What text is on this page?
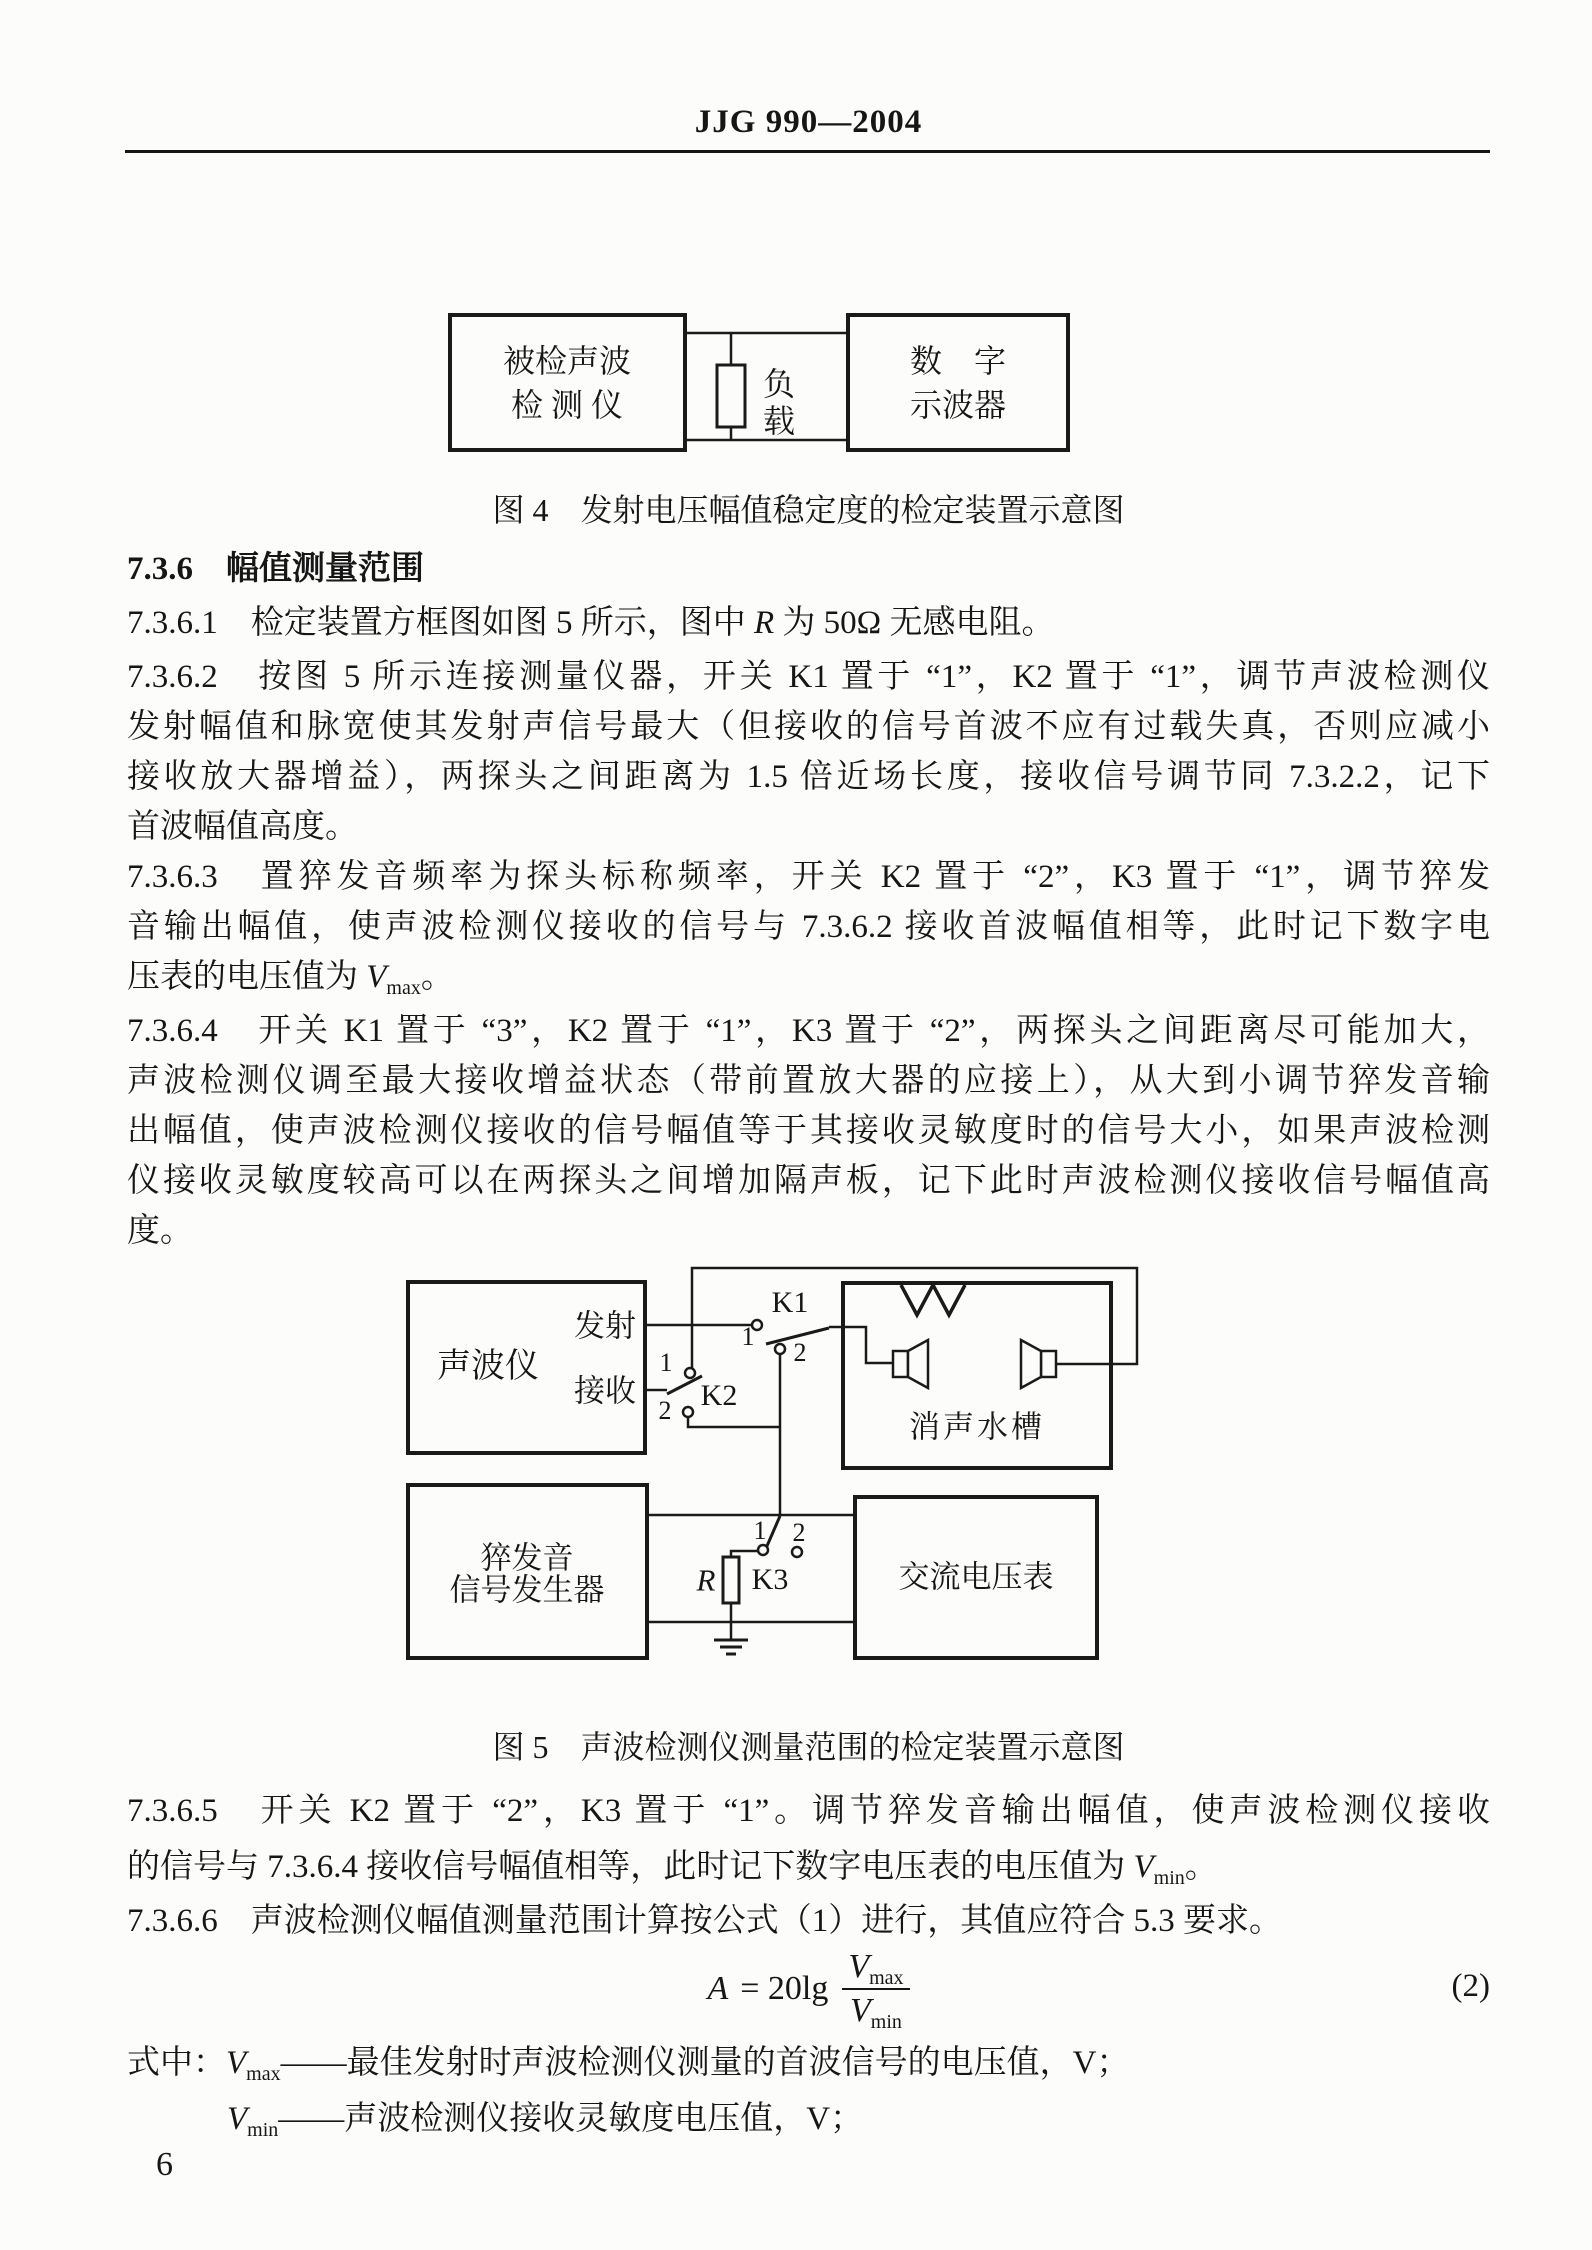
JJG 990—2004
被检声波
检 测 仪
负
载
数　字
示波器
图 4　发射电压幅值稳定度的检定装置示意图
7.3.6　幅值测量范围
7.3.6.1　检定装置方框图如图 5 所示，图中 R 为 50Ω 无感电阻。
7.3.6.2　按图 5 所示连接测量仪器，开关 K1 置于 “1”，K2 置于 “1”，调节声波检测仪
发射幅值和脉宽使其发射声信号最大（但接收的信号首波不应有过载失真，否则应减小
接收放大器增益），两探头之间距离为 1.5 倍近场长度，接收信号调节同 7.3.2.2，记下
首波幅值高度。
7.3.6.3　置猝发音频率为探头标称频率，开关 K2 置于 “2”，K3 置于 “1”，调节猝发
音输出幅值，使声波检测仪接收的信号与 7.3.6.2 接收首波幅值相等，此时记下数字电
压表的电压值为 $V_{max}$。
7.3.6.4　开关 K1 置于 “3”，K2 置于 “1”，K3 置于 “2”，两探头之间距离尽可能加大，
声波检测仪调至最大接收增益状态（带前置放大器的应接上），从大到小调节猝发音输
出幅值，使声波检测仪接收的信号幅值等于其接收灵敏度时的信号大小，如果声波检测
仪接收灵敏度较高可以在两探头之间增加隔声板，记下此时声波检测仪接收信号幅值高
度。
声波仪
发射
接收
K1
1
2
K2
1
2	消声水槽
猝发音
信号发生器	交流电压表
K3
1 2
R
图 5　声波检测仪测量范围的检定装置示意图
7.3.6.5　开关 K2 置于 “2”，K3 置于 “1”。调节猝发音输出幅值，使声波检测仪接收
的信号与 7.3.6.4 接收信号幅值相等，此时记下数字电压表的电压值为 $V_{min}$。
7.3.6.6　声波检测仪幅值测量范围计算按公式（1）进行，其值应符合 5.3 要求。
$A = 20\lg \frac{V_{max}}{V_{min}}$	(2)
式中：$V_{max}——$最佳发射时声波检测仪测量的首波信号的电压值，V；
$V_{min}——$声波检测仪接收灵敏度电压值，V；
6
